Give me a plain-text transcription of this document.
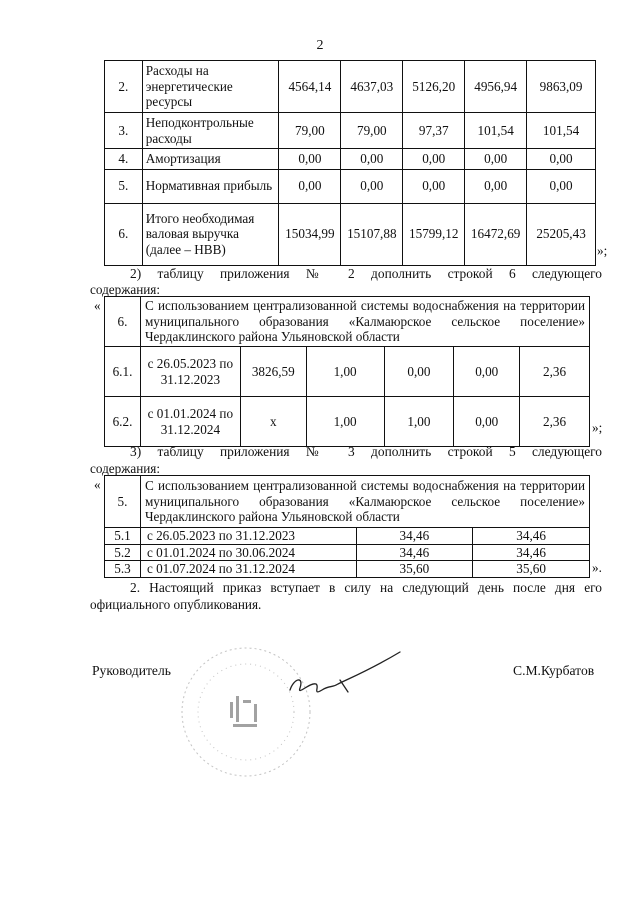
2
2.	Расходы на энергетические ресурсы	4564,14	4637,03	5126,20	4956,94	9863,09
3.	Неподконтрольные расходы	79,00	79,00	97,37	101,54	101,54
4.	Амортизация	0,00	0,00	0,00	0,00	0,00
5.	Нормативная прибыль	0,00	0,00	0,00	0,00	0,00
6.	Итого необходимая валовая выручка (далее – НВВ)	15034,99	15107,88	15799,12	16472,69	25205,43
»;
2) таблицу приложения № 2 дополнить строкой 6 следующего
содержания:
«
6.	С использованием централизованной системы водоснабжения на территории муниципального образования «Калмаюрское сельское поселение» Чердаклинского района Ульяновской области					
6.1.	с 26.05.2023 по 31.12.2023	3826,59	1,00	0,00	0,00	2,36
6.2.	с 01.01.2024 по 31.12.2024	х	1,00	1,00	0,00	2,36 »;
3) таблицу приложения № 3 дополнить строкой 5 следующего
содержания:
«
5.	С использованием централизованной системы водоснабжения на территории муниципального образования «Калмаюрское сельское поселение» Чердаклинского района Ульяновской области		
5.1	с 26.05.2023 по 31.12.2023	34,46	34,46
5.2	с 01.01.2024 по 30.06.2024	34,46	34,46
5.3	с 01.07.2024 по 31.12.2024	35,60	35,60	».
2. Настоящий приказ вступает в силу на следующий день после дня его
официального опубликования.
Руководитель	С.М.Курбатов
